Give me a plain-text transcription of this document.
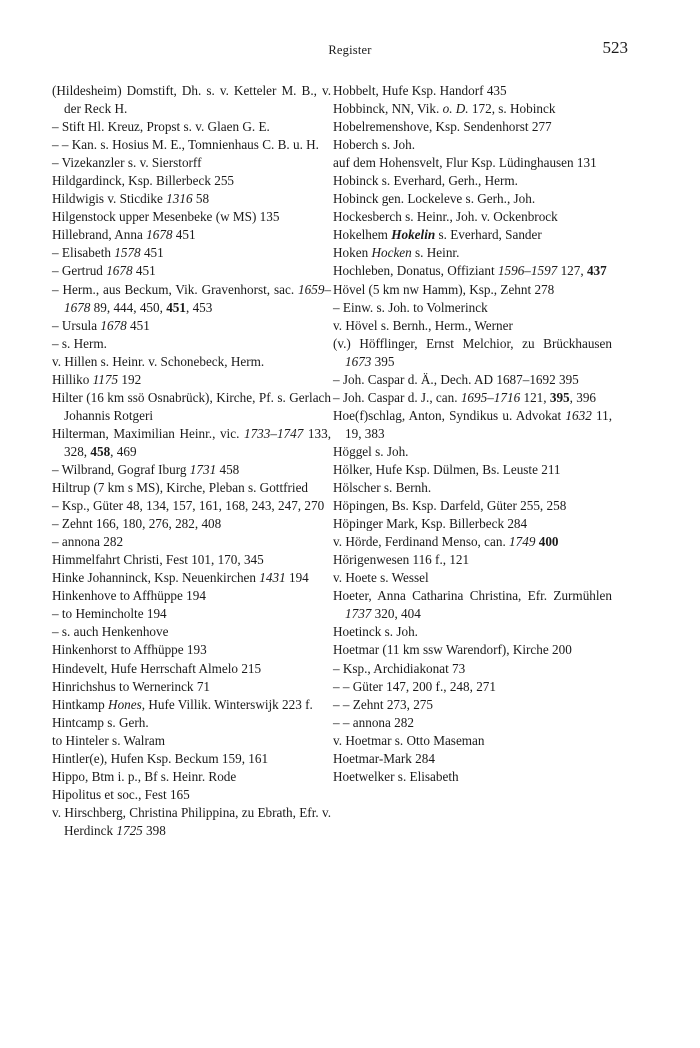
Register	523
(Hildesheim) Domstift, Dh. s. v. Ketteler M. B., v. der Reck H.
– Stift Hl. Kreuz, Propst s. v. Glaen G. E.
– – Kan. s. Hosius M. E., Tomnienhaus C. B. u. H.
– Vizekanzler s. v. Sierstorff
Hildgardinck, Ksp. Billerbeck 255
Hildwigis v. Sticdike 1316 58
Hilgenstock upper Mesenbeke (w MS) 135
Hillebrand, Anna 1678 451
– Elisabeth 1578 451
– Gertrud 1678 451
– Herm., aus Beckum, Vik. Gravenhorst, sac. 1659–1678 89, 444, 450, 451, 453
– Ursula 1678 451
– s. Herm.
v. Hillen s. Heinr. v. Schonebeck, Herm.
Hilliko 1175 192
Hilter (16 km ssö Osnabrück), Kirche, Pf. s. Gerlach Johannis Rotgeri
Hilterman, Maximilian Heinr., vic. 1733–1747 133, 328, 458, 469
– Wilbrand, Gograf Iburg 1731 458
Hiltrup (7 km s MS), Kirche, Pleban s. Gottfried
– Ksp., Güter 48, 134, 157, 161, 168, 243, 247, 270
– Zehnt 166, 180, 276, 282, 408
– annona 282
Himmelfahrt Christi, Fest 101, 170, 345
Hinke Johanninck, Ksp. Neuenkirchen 1431 194
Hinkenhove to Affhüppe 194
– to Hemincholte 194
– s. auch Henkenhove
Hinkenhorst to Affhüppe 193
Hindevelt, Hufe Herrschaft Almelo 215
Hinrichshus to Wernerinck 71
Hintkamp Hones, Hufe Villik. Winterswijk 223 f.
Hintcamp s. Gerh.
to Hinteler s. Walram
Hintler(e), Hufen Ksp. Beckum 159, 161
Hippo, Btm i. p., Bf s. Heinr. Rode
Hipolitus et soc., Fest 165
v. Hirschberg, Christina Philippina, zu Ebrath, Efr. v. Herdinck 1725 398
Hobbelt, Hufe Ksp. Handorf 435
Hobbinck, NN, Vik. o. D. 172, s. Hobinck
Hobelremenshove, Ksp. Sendenhorst 277
Hoberch s. Joh.
auf dem Hohensvelt, Flur Ksp. Lüdinghausen 131
Hobinck s. Everhard, Gerh., Herm.
Hobinck gen. Lockeleve s. Gerh., Joh.
Hockesberch s. Heinr., Joh. v. Ockenbrock
Hokelhem Hokelin s. Everhard, Sander
Hoken Hocken s. Heinr.
Hochleben, Donatus, Offiziant 1596–1597 127, 437
Hövel (5 km nw Hamm), Ksp., Zehnt 278
– Einw. s. Joh. to Volmerinck
v. Hövel s. Bernh., Herm., Werner
(v.) Höfflinger, Ernst Melchior, zu Brückhausen 1673 395
– Joh. Caspar d. Ä., Dech. AD 1687–1692 395
– Joh. Caspar d. J., can. 1695–1716 121, 395, 396
Hoe(f)schlag, Anton, Syndikus u. Advokat 1632 11, 19, 383
Höggel s. Joh.
Hölker, Hufe Ksp. Dülmen, Bs. Leuste 211
Hölscher s. Bernh.
Höpingen, Bs. Ksp. Darfeld, Güter 255, 258
Höpinger Mark, Ksp. Billerbeck 284
v. Hörde, Ferdinand Menso, can. 1749 400
Hörigenwesen 116 f., 121
v. Hoete s. Wessel
Hoeter, Anna Catharina Christina, Efr. Zurmühlen 1737 320, 404
Hoetinck s. Joh.
Hoetmar (11 km ssw Warendorf), Kirche 200
– Ksp., Archidiakonat 73
– – Güter 147, 200 f., 248, 271
– – Zehnt 273, 275
– – annona 282
v. Hoetmar s. Otto Maseman
Hoetmar-Mark 284
Hoetwelker s. Elisabeth
